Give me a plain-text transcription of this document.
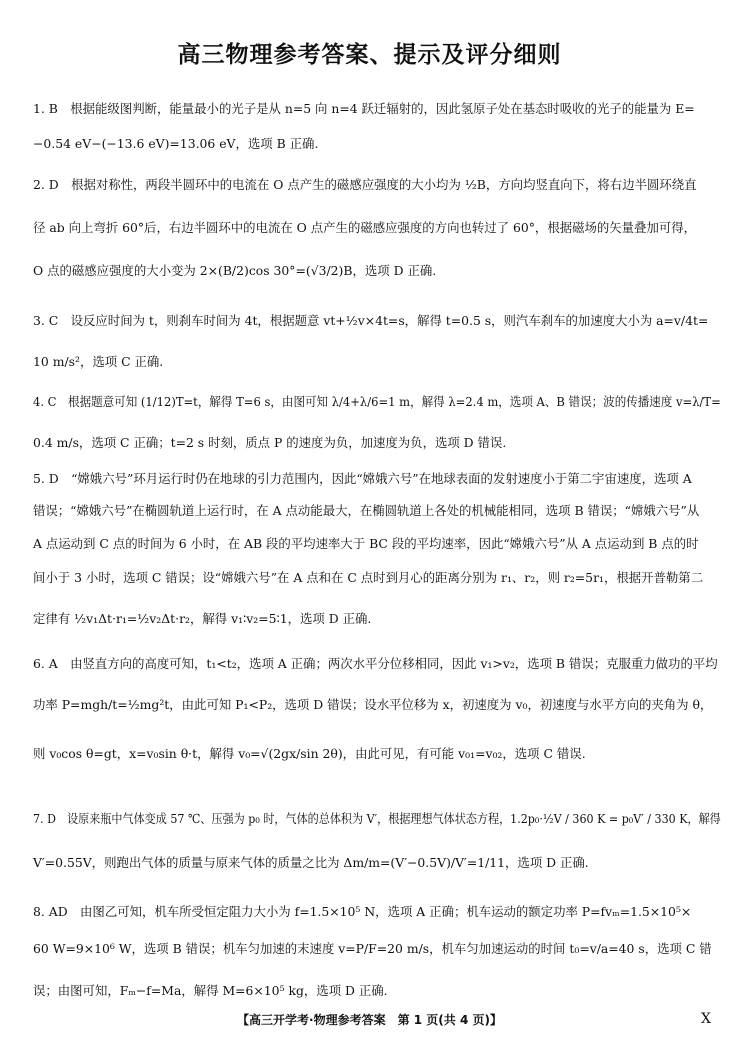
高三物理参考答案、提示及评分细则
1. B　根据能级图判断，能量最小的光子是从 n=5 向 n=4 跃迁辐射的，因此氢原子处在基态时吸收的光子的能量为 E=
−0.54 eV−(−13.6 eV)=13.06 eV，选项 B 正确.
2. D　根据对称性，两段半圆环中的电流在 O 点产生的磁感应强度的大小均为 ½B，方向均竖直向下，将右边半圆环绕直
径 ab 向上弯折 60°后，右边半圆环中的电流在 O 点产生的磁感应强度的方向也转过了 60°，根据磁场的矢量叠加可得，
O 点的磁感应强度的大小变为 2×(B/2)cos 30°=(√3/2)B，选项 D 正确.
3. C　设反应时间为 t，则刹车时间为 4t，根据题意 vt+½v×4t=s，解得 t=0.5 s，则汽车刹车的加速度大小为 a=v/4t=
10 m/s²，选项 C 正确.
4. C　根据题意可知 (1/12)T=t，解得 T=6 s，由图可知 λ/4+λ/6=1 m，解得 λ=2.4 m，选项 A、B 错误；波的传播速度 v=λ/T=
0.4 m/s，选项 C 正确；t=2 s 时刻，质点 P 的速度为负，加速度为负，选项 D 错误.
5. D　“嫦娥六号”环月运行时仍在地球的引力范围内，因此“嫦娥六号”在地球表面的发射速度小于第二宇宙速度，选项 A
错误；“嫦娥六号”在椭圆轨道上运行时，在 A 点动能最大，在椭圆轨道上各处的机械能相同，选项 B 错误；“嫦娥六号”从
A 点运动到 C 点的时间为 6 小时，在 AB 段的平均速率大于 BC 段的平均速率，因此“嫦娥六号”从 A 点运动到 B 点的时
间小于 3 小时，选项 C 错误；设“嫦娥六号”在 A 点和在 C 点时到月心的距离分别为 r₁、r₂，则 r₂=5r₁，根据开普勒第二
定律有 ½v₁Δt·r₁=½v₂Δt·r₂，解得 v₁∶v₂=5∶1，选项 D 正确.
6. A　由竖直方向的高度可知，t₁<t₂，选项 A 正确；两次水平分位移相同，因此 v₁>v₂，选项 B 错误；克服重力做功的平均
功率 P=mgh/t=½mg²t，由此可知 P₁<P₂，选项 D 错误；设水平位移为 x，初速度为 v₀，初速度与水平方向的夹角为 θ，
则 v₀cos θ=gt，x=v₀sin θ·t，解得 v₀=√(2gx/sin 2θ)，由此可见，有可能 v₀₁=v₀₂，选项 C 错误.
7. D　设原来瓶中气体变成 57 ℃、压强为 p₀ 时，气体的总体积为 V′，根据理想气体状态方程，1.2p₀·½V / 360 K = p₀V′ / 330 K，解得
V′=0.55V，则跑出气体的质量与原来气体的质量之比为 Δm/m=(V′−0.5V)/V′=1/11，选项 D 正确.
8. AD　由图乙可知，机车所受恒定阻力大小为 f=1.5×10⁵ N，选项 A 正确；机车运动的额定功率 P=fvₘ=1.5×10⁵×
60 W=9×10⁶ W，选项 B 错误；机车匀加速的末速度 v=P/F=20 m/s，机车匀加速运动的时间 t₀=v/a=40 s，选项 C 错
误；由图可知，Fₘ−f=Ma，解得 M=6×10⁵ kg，选项 D 正确.
【高三开学考·物理参考答案　第 1 页(共 4 页)】	X
